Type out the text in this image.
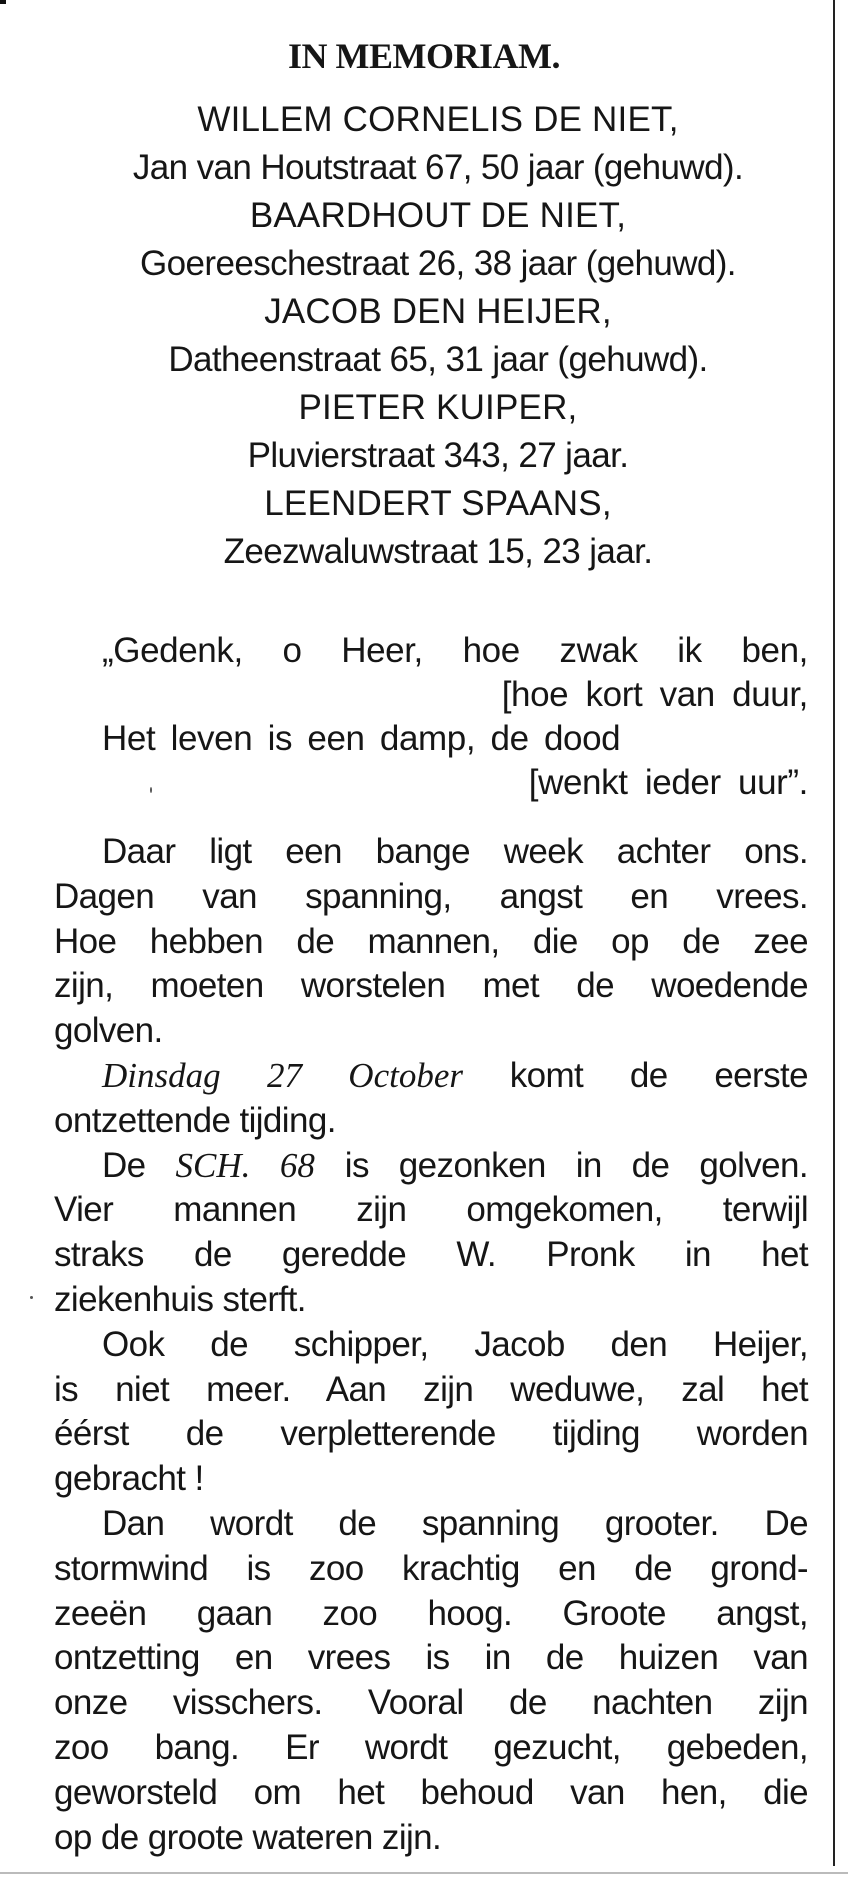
IN MEMORIAM.
WILLEM CORNELIS DE NIET,
Jan van Houtstraat 67, 50 jaar (gehuwd).
BAARDHOUT DE NIET,
Goereeschestraat 26, 38 jaar (gehuwd).
JACOB DEN HEIJER,
Datheenstraat 65, 31 jaar (gehuwd).
PIETER KUIPER,
Pluvierstraat 343, 27 jaar.
LEENDERT SPAANS,
Zeezwaluwstraat 15, 23 jaar.
„Gedenk, o Heer, hoe zwak ik ben,
[hoe kort van duur,
Het leven is een damp, de dood
[wenkt ieder uur”.
Daar ligt een bange week achter ons.
Dagen van spanning, angst en vrees.
Hoe hebben de mannen, die op de zee
zijn, moeten worstelen met de woedende
golven.
Dinsdag 27 October komt de eerste
ontzettende tijding.
De SCH. 68 is gezonken in de golven.
Vier mannen zijn omgekomen, terwijl
straks de geredde W. Pronk in het
ziekenhuis sterft.
Ook de schipper, Jacob den Heijer,
is niet meer. Aan zijn weduwe, zal het
éérst de verpletterende tijding worden
gebracht !
Dan wordt de spanning grooter. De
stormwind is zoo krachtig en de grond-
zeeën gaan zoo hoog. Groote angst,
ontzetting en vrees is in de huizen van
onze visschers. Vooral de nachten zijn
zoo bang. Er wordt gezucht, gebeden,
geworsteld om het behoud van hen, die
op de groote wateren zijn.
